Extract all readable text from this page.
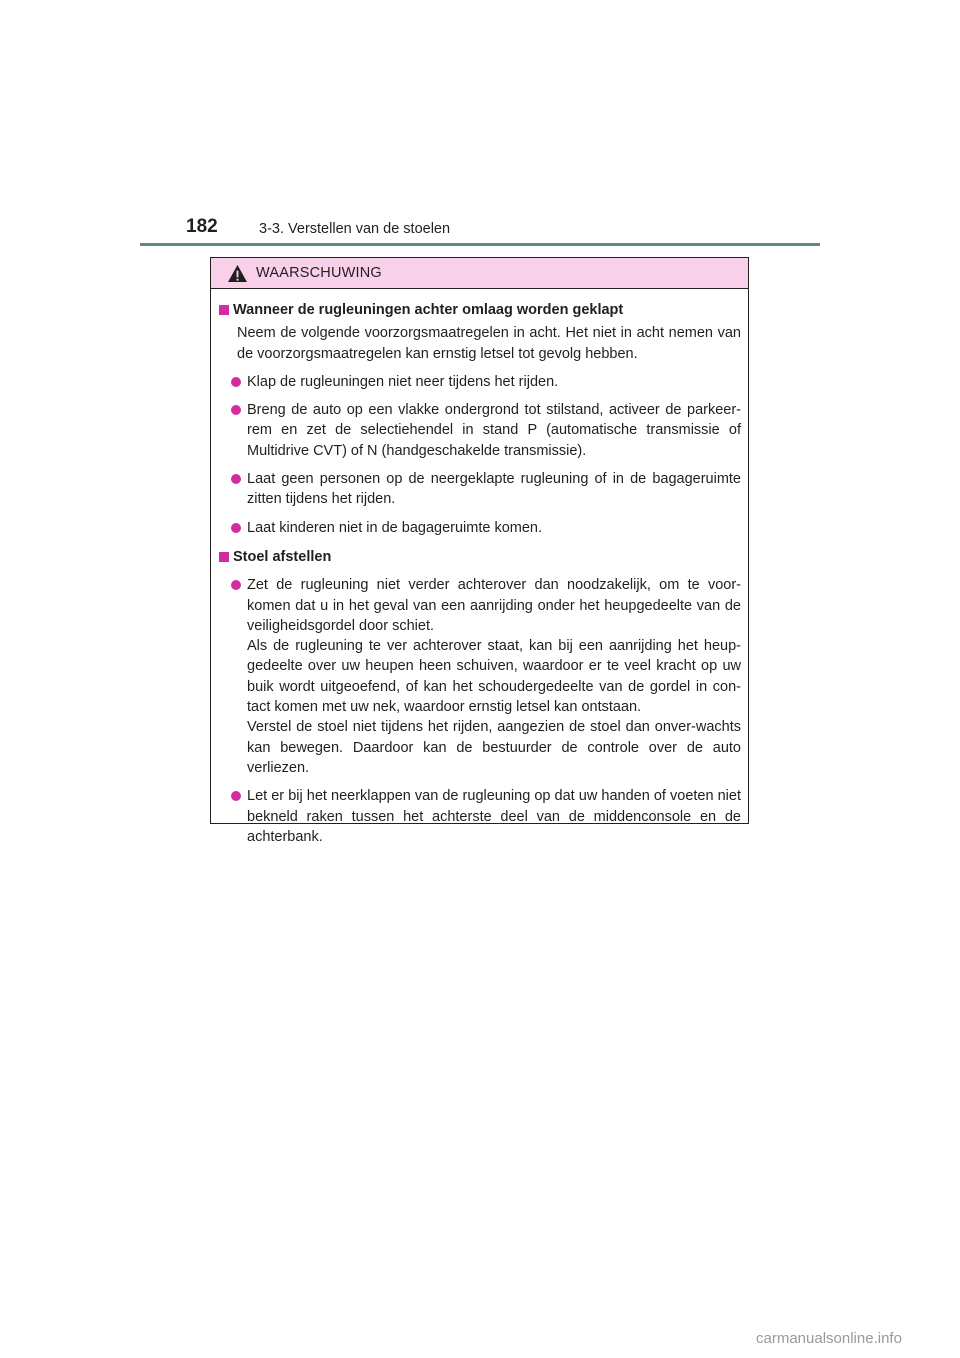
182	3-3. Verstellen van de stoelen
WAARSCHUWING
Wanneer de rugleuningen achter omlaag worden geklapt
Neem de volgende voorzorgsmaatregelen in acht. Het niet in acht nemen van de voorzorgsmaatregelen kan ernstig letsel tot gevolg hebben.
Klap de rugleuningen niet neer tijdens het rijden.
Breng de auto op een vlakke ondergrond tot stilstand, activeer de parkeer-rem en zet de selectiehendel in stand P (automatische transmissie of Multidrive CVT) of N (handgeschakelde transmissie).
Laat geen personen op de neergeklapte rugleuning of in de bagageruimte zitten tijdens het rijden.
Laat kinderen niet in de bagageruimte komen.
Stoel afstellen
Zet de rugleuning niet verder achterover dan noodzakelijk, om te voor-komen dat u in het geval van een aanrijding onder het heupgedeelte van de veiligheidsgordel door schiet.
Als de rugleuning te ver achterover staat, kan bij een aanrijding het heup-gedeelte over uw heupen heen schuiven, waardoor er te veel kracht op uw buik wordt uitgeoefend, of kan het schoudergedeelte van de gordel in con-tact komen met uw nek, waardoor ernstig letsel kan ontstaan.
Verstel de stoel niet tijdens het rijden, aangezien de stoel dan onver-wachts kan bewegen. Daardoor kan de bestuurder de controle over de auto verliezen.
Let er bij het neerklappen van de rugleuning op dat uw handen of voeten niet bekneld raken tussen het achterste deel van de middenconsole en de achterbank.
carmanualsonline.info
